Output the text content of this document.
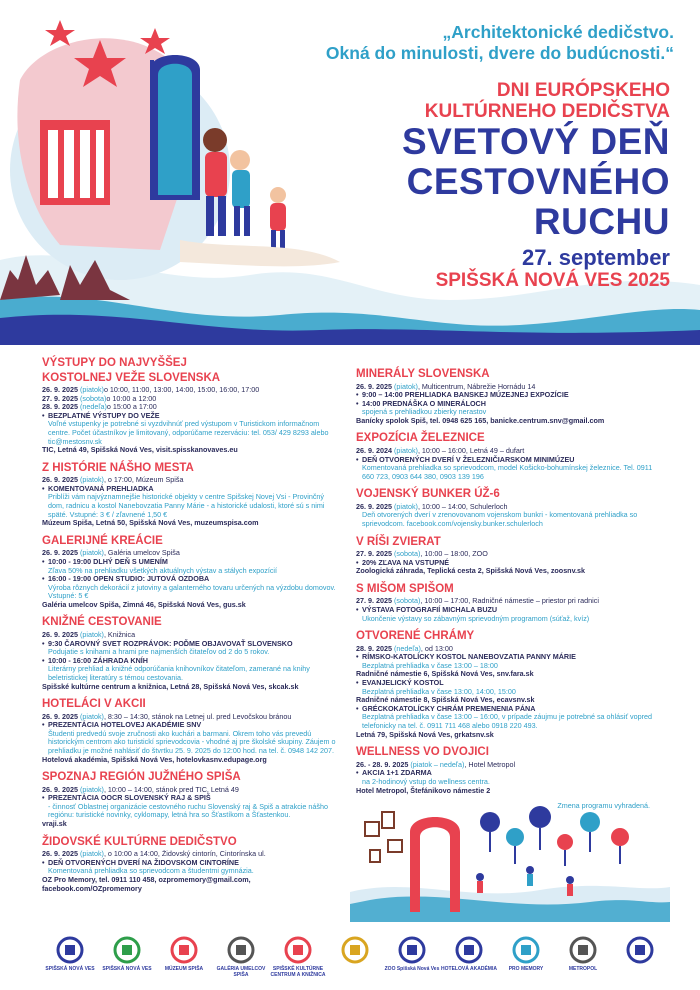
„Architektonické dedičstvo.
Okná do minulosti, dvere do budúcnosti.“
DNI EURÓPSKEHO
KULTÚRNEHO DEDIČSTVA
SVETOVÝ DEŇ
CESTOVNÉHO
RUCHU
27. september
SPIŠSKÁ NOVÁ VES 2025
VÝSTUPY DO NAJVYŠŠEJ
KOSTOLNEJ VEŽE SLOVENSKA
26. 9. 2025 (piatok)o 10:00, 11:00, 13:00, 14:00, 15:00, 16:00, 17:00
27. 9. 2025 (sobota)o 10:00 a 12:00
28. 9. 2025 (nedeľa)o 15:00 a 17:00
• BEZPLATNÉ VÝSTUPY DO VEŽE
Voľné vstupenky je potrebné si vyzdvihnúť pred výstupom v Turistickom informačnom centre. Počet účastníkov je limitovaný, odporúčame rezerváciu: tel. 053/ 429 8293 alebo tic@mestosnv.sk
TIC, Letná 49, Spišská Nová Ves, visit.spisskanovaves.eu
Z HISTÓRIE NÁŠHO MESTA
26. 9. 2025 (piatok), o 17:00, Múzeum Spiša
• KOMENTOVANÁ PREHLIADKA
Priblíži vám najvýznamnejšie historické objekty v centre Spišskej Novej Vsi - Provinčný dom, radnicu a kostol Nanebovzatia Panny Márie - a historické udalosti, ktoré sú s nimi späté. Vstupné: 3 € / zľavnené 1,50 €
Múzeum Spiša, Letná 50, Spišská Nová Ves, muzeumspisa.com
GALERIJNÉ KREÁCIE
26. 9. 2025 (piatok), Galéria umelcov Spiša
• 10:00 - 19:00 DLHÝ DEŇ S UMENÍM
Zľava 50% na prehliadku všetkých aktuálnych výstav a stálych expozícií
• 16:00 - 19:00 OPEN STUDIO: JUTOVÁ OZDOBA
Výroba rôznych dekorácií z jutoviny a galanterného tovaru určených na výzdobu domovov. Vstupné: 5 €
Galéria umelcov Spiša, Zimná 46, Spišská Nová Ves, gus.sk
KNIŽNÉ CESTOVANIE
26. 9. 2025 (piatok), Knižnica
• 9:30 ČAROVNÝ SVET ROZPRÁVOK: POĎME OBJAVOVAŤ SLOVENSKO
Podujatie s knihami a hrami pre najmenších čitateľov od 2 do 5 rokov.
• 10:00 - 16:00 ZÁHRADA KNÍH
Literárny prehliad a knižné odporúčania knihovníkov čitateľom, zamerané na knihy beletristickej literatúry s témou cestovania.
Spišské kultúrne centrum a knižnica, Letná 28, Spišská Nová Ves, skcak.sk
HOTELÁCI V AKCII
26. 9. 2025 (piatok), 8:30 – 14:30, stánok na Letnej ul. pred Levočskou bránou
• PREZENTÁCIA HOTELOVEJ AKADÉMIE SNV
Študenti predvedú svoje zručnosti ako kuchári a barmani. Okrem toho vás prevedú historickým centrom ako turistickí sprievodcovia - vhodné aj pre školské skupiny. Záujem o prehliadku je možné nahlásiť do štvrtku 25. 9. 2025 do 12:00 hod. na tel. č. 0948 142 207.
Hotelová akadémia, Spišská Nová Ves, hotelovkasnv.edupage.org
SPOZNAJ REGIÓN JUŽNÉHO SPIŠA
26. 9. 2025 (piatok), 10:00 – 14:00, stánok pred TIC, Letná 49
• PREZENTÁCIA OOCR SLOVENSKÝ RAJ & SPIŠ
- činnosť Oblastnej organizácie cestovného ruchu Slovenský raj & Spiš a atrakcie nášho regiónu: turistické novinky, cyklomapy, letná hra so Šťastíkom a Šťastenkou.
vraji.sk
ŽIDOVSKÉ KULTÚRNE DEDIČSTVO
26. 9. 2025 (piatok), o 10:00 a 14:00, Židovský cintorín, Cintorínska ul.
• DEŇ OTVORENÝCH DVERÍ NA ŽIDOVSKOM CINTORÍNE
Komentovaná prehliadka so sprievodcom a študentmi gymnázia.
OZ Pro Memory, tel. 0911 110 458, ozpromemory@gmail.com, facebook.com/OZpromemory
MINERÁLY SLOVENSKA
26. 9. 2025 (piatok), Multicentrum, Nábrežie Hornádu 14
• 9:00 – 14:00 PREHLIADKA BANSKEJ MÚZEJNEJ EXPOZÍCIE
• 14:00 PREDNÁŠKA O MINERÁLOCH
spojená s prehliadkou zbierky nerastov
Banícky spolok Spiš, tel. 0948 625 165, banicke.centrum.snv@gmail.com
EXPOZÍCIA ŽELEZNICE
26. 9. 2024 (piatok), 10:00 – 16:00, Letná 49 – dufart
• DEŇ OTVORENÝCH DVERÍ V ŽELEZNIČIARSKOM MINIMÚZEU
Komentovaná prehliadka so sprievodcom, model Košicko-bohumínskej železnice. Tel. 0911 660 723, 0903 644 380, 0903 139 196
VOJENSKÝ BUNKER ÚŽ-6
26. 9. 2025 (piatok), 10:00 – 14:00, Schulerloch
Deň otvorených dverí v zrenovovanom vojenskom bunkri - komentovaná prehliadka so sprievodcom. facebook.com/vojensky.bunker.schulerloch
V RÍŠI ZVIERAT
27. 9. 2025 (sobota), 10:00 – 18:00, ZOO
• 20% ZĽAVA NA VSTUPNÉ
Zoologická záhrada, Teplická cesta 2, Spišská Nová Ves, zoosnv.sk
S MIŠOM SPIŠOM
27. 9. 2025 (sobota), 10:00 – 17:00, Radničné námestie – priestor pri radnici
• VÝSTAVA FOTOGRAFIÍ MICHALA BUZU
Ukončenie výstavy so zábavným sprievodným programom (súťaž, kvíz)
OTVORENÉ CHRÁMY
28. 9. 2025 (nedeľa), od 13:00
• RÍMSKO-KATOLÍCKY KOSTOL NANEBOVZATIA PANNY MÁRIE
Bezplatná prehliadka v čase 13:00 – 18:00
Radničné námestie 6, Spišská Nová Ves, snv.fara.sk
• EVANJELICKÝ KOSTOL
Bezplatná prehliadka v čase 13:00, 14:00, 15:00
Radničné námestie 8, Spišská Nová Ves, ecavsnv.sk
• GRÉCKOKATOLÍCKY CHRÁM PREMENENIA PÁNA
Bezplatná prehliadka v čase 13:00 – 16:00, v prípade záujmu je potrebné sa ohlásiť vopred telefonicky na tel. č. 0911 711 468 alebo 0918 220 493.
Letná 79, Spišská Nová Ves, grkatsnv.sk
WELLNESS VO DVOJICI
26. - 28. 9. 2025 (piatok – nedeľa), Hotel Metropol
• AKCIA 1+1 ZDARMA
na 2-hodinový vstup do wellness centra.
Hotel Metropol, Štefánikovo námestie 2
Zmena programu vyhradená.
SPIŠSKÁ NOVÁ VES	SPIŠSKÁ NOVÁ VES	MÚZEUM SPIŠA	GALÉRIA UMELCOV SPIŠA
SPIŠSKÉ KULTÚRNE CENTRUM A KNIŽNICA
ZOO Spišská Nová Ves HOTELOVÁ AKADÉMIA	PRO MEMORY	METROPOL
